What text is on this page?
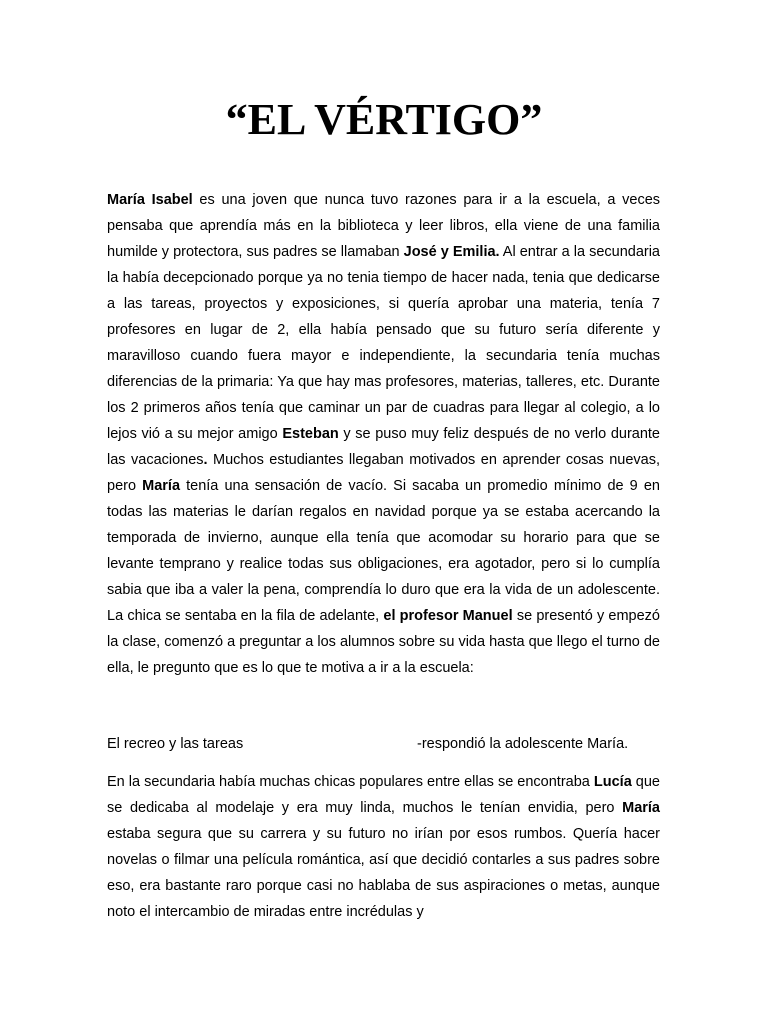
“EL VÉRTIGO”

María Isabel es una joven que nunca tuvo razones para ir a la escuela, a veces pensaba que aprendía más en la biblioteca y leer libros, ella viene de una familia humilde y protectora, sus padres se llamaban José y Emilia. Al entrar a la secundaria la había decepcionado porque ya no tenia tiempo de hacer nada, tenia que dedicarse a las tareas, proyectos y exposiciones, si quería aprobar una materia, tenía 7 profesores en lugar de 2, ella había pensado que su futuro sería diferente y maravilloso cuando fuera mayor e independiente, la secundaria tenía muchas diferencias de la primaria: Ya que hay mas profesores, materias, talleres, etc. Durante los 2 primeros años tenía que caminar un par de cuadras para llegar al colegio, a lo lejos vió a su mejor amigo Esteban y se puso muy feliz después de no verlo durante las vacaciones. Muchos estudiantes llegaban motivados en aprender cosas nuevas, pero María tenía una sensación de vacío. Si sacaba un promedio mínimo de 9 en todas las materias le darían regalos en navidad porque ya se estaba acercando la temporada de invierno, aunque ella tenía que acomodar su horario para que se levante temprano y realice todas sus obligaciones, era agotador, pero si lo cumplía sabia que iba a valer la pena, comprendía lo duro que era la vida de un adolescente. La chica se sentaba en la fila de adelante, el profesor Manuel se presentó y empezó la clase, comenzó a preguntar a los alumnos sobre su vida hasta que llego el turno de ella, le pregunto que es lo que te motiva a ir a la escuela:

El recreo y las tareas	-respondió la adolescente María.

En la secundaria había muchas chicas populares entre ellas se encontraba Lucía que se dedicaba al modelaje y era muy linda, muchos le tenían envidia, pero María estaba segura que su carrera y su futuro no irían por esos rumbos. Quería hacer novelas o filmar una película romántica, así que decidió contarles a sus padres sobre eso, era bastante raro porque casi no hablaba de sus aspiraciones o metas, aunque noto el intercambio de miradas entre incrédulas y
